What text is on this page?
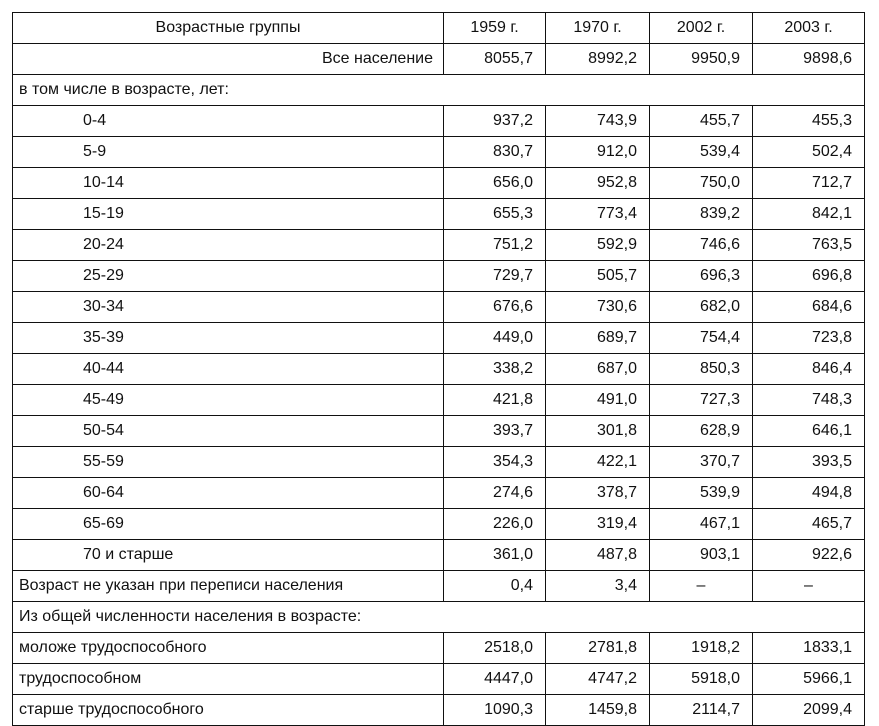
Возрастные группы	1959 г.	1970 г.	2002 г.	2003 г.
Все население	8055,7	8992,2	9950,9	9898,6
в том числе в возрасте, лет:				
0-4	937,2	743,9	455,7	455,3
5-9	830,7	912,0	539,4	502,4
10-14	656,0	952,8	750,0	712,7
15-19	655,3	773,4	839,2	842,1
20-24	751,2	592,9	746,6	763,5
25-29	729,7	505,7	696,3	696,8
30-34	676,6	730,6	682,0	684,6
35-39	449,0	689,7	754,4	723,8
40-44	338,2	687,0	850,3	846,4
45-49	421,8	491,0	727,3	748,3
50-54	393,7	301,8	628,9	646,1
55-59	354,3	422,1	370,7	393,5
60-64	274,6	378,7	539,9	494,8
65-69	226,0	319,4	467,1	465,7
70 и старше	361,0	487,8	903,1	922,6
Возраст не указан при переписи населения	0,4	3,4	–	–
Из общей численности населения в возрасте:				
моложе трудоспособного	2518,0	2781,8	1918,2	1833,1
трудоспособном	4447,0	4747,2	5918,0	5966,1
старше трудоспособного	1090,3	1459,8	2114,7	2099,4
